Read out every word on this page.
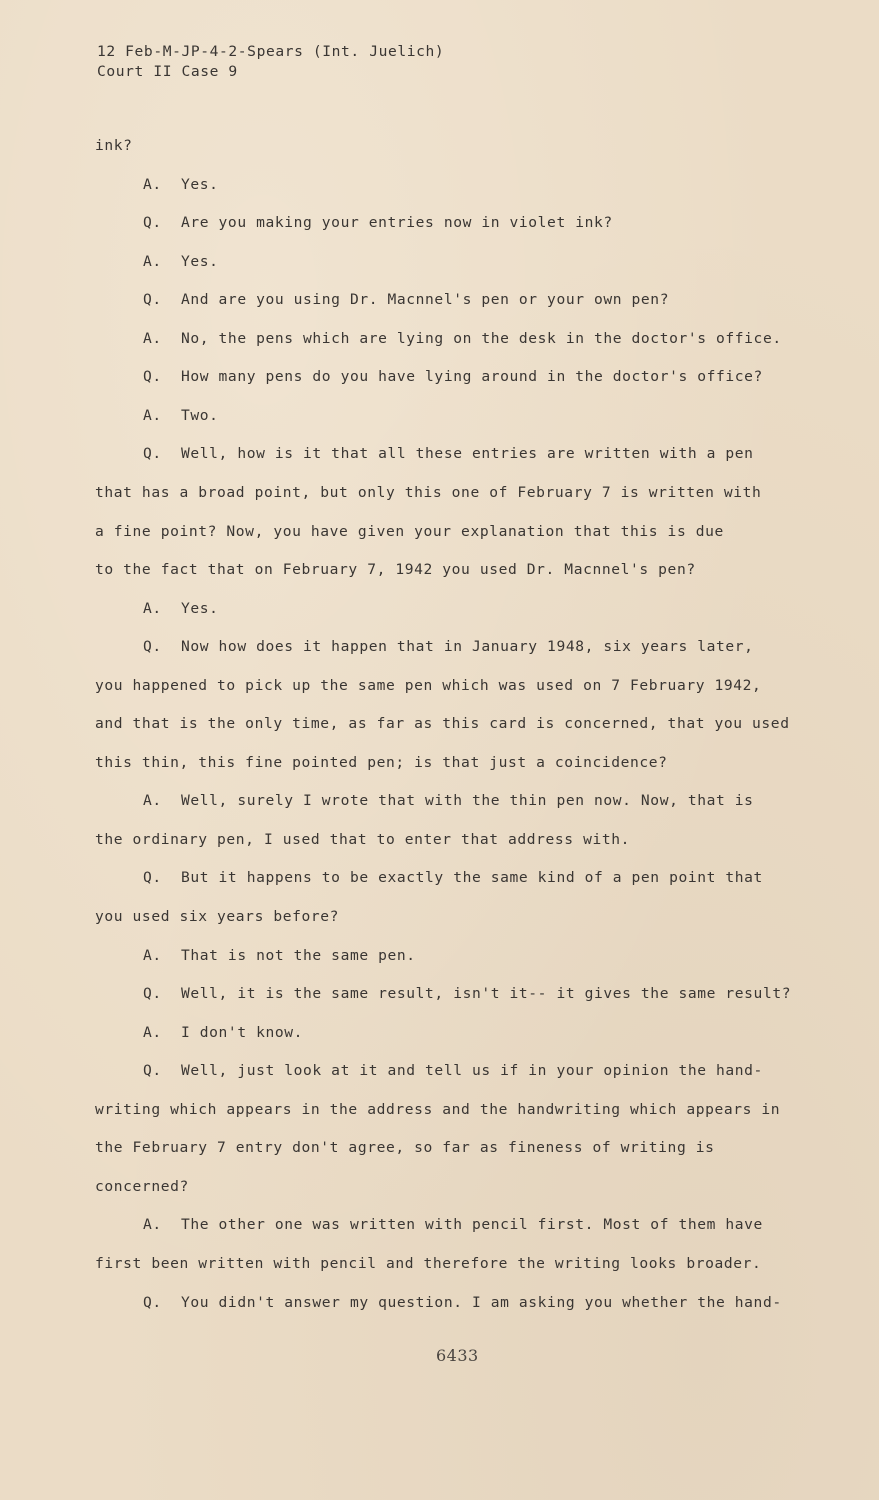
12 Feb-M-JP-4-2-Spears (Int. Juelich)
Court II Case 9
ink?
A. Yes.
Q. Are you making your entries now in violet ink?
A. Yes.
Q. And are you using Dr. Macnnel's pen or your own pen?
A. No, the pens which are lying on the desk in the doctor's office.
Q. How many pens do you have lying around in the doctor's office?
A. Two.
Q. Well, how is it that all these entries are written with a pen
that has a broad point, but only this one of February 7 is written with
a fine point? Now, you have given your explanation that this is due
to the fact that on February 7, 1942 you used Dr. Macnnel's pen?
A. Yes.
Q. Now how does it happen that in January 1948, six years later,
you happened to pick up the same pen which was used on 7 February 1942,
and that is the only time, as far as this card is concerned, that you used
this thin, this fine pointed pen; is that just a coincidence?
A. Well, surely I wrote that with the thin pen now. Now, that is
the ordinary pen, I used that to enter that address with.
Q. But it happens to be exactly the same kind of a pen point that
you used six years before?
A. That is not the same pen.
Q. Well, it is the same result, isn't it-- it gives the same result?
A. I don't know.
Q. Well, just look at it and tell us if in your opinion the hand-
writing which appears in the address and the handwriting which appears in
the February 7 entry don't agree, so far as fineness of writing is
concerned?
A. The other one was written with pencil first. Most of them have
first been written with pencil and therefore the writing looks broader.
Q. You didn't answer my question. I am asking you whether the hand-
6433
